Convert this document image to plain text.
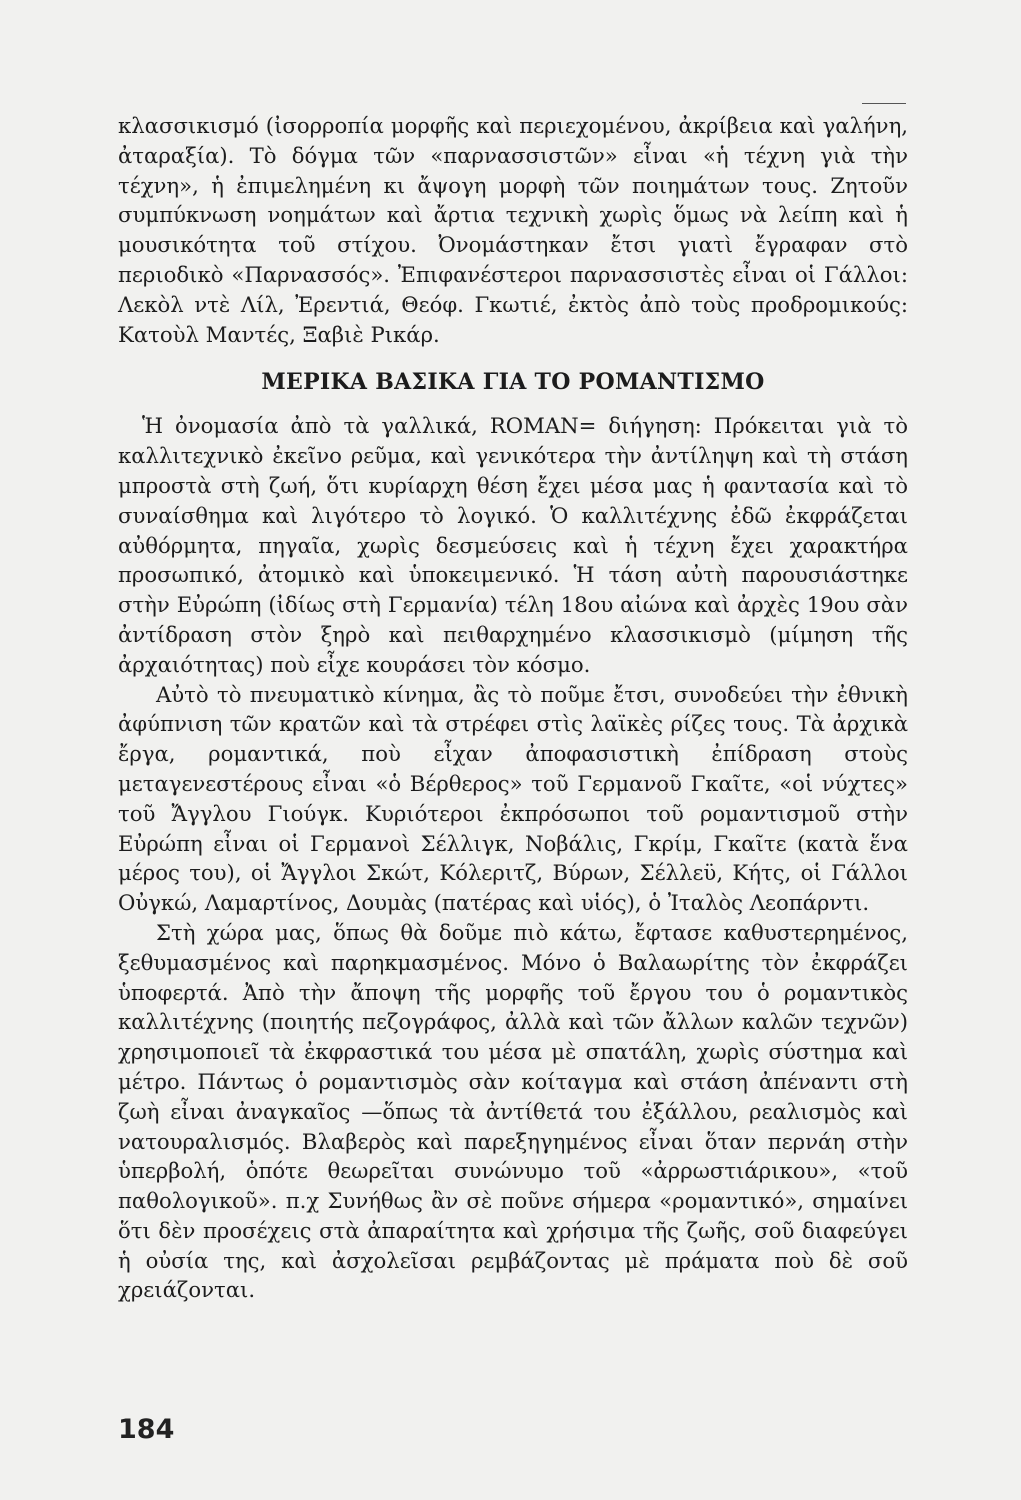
κλασσικισμό (ἰσορροπία μορφῆς καὶ περιεχομένου, ἀκρίβεια καὶ γαλήνη, ἀταραξία). Τὸ δόγμα τῶν «παρνασσιστῶν» εἶναι «ἡ τέχνη γιὰ τὴν τέχνη», ἡ ἐπιμελημένη κι ἄψογη μορφὴ τῶν ποιημάτων τους. Ζητοῦν συμπύκνωση νοημάτων καὶ ἄρτια τεχνικὴ χωρὶς ὅμως νὰ λείπη καὶ ἡ μουσικότητα τοῦ στίχου. Ὀνομάστηκαν ἔτσι γιατὶ ἔγραφαν στὸ περιοδικὸ «Παρνασσός». Ἐπιφανέστεροι παρνασσιστὲς εἶναι οἱ Γάλλοι: Λεκὸλ ντὲ Λίλ, Ἐρεντιά, Θεόφ. Γκωτιέ, ἐκτὸς ἀπὸ τοὺς προδρομικούς: Κατοὺλ Μαντές, Ξαβιὲ Ρικάρ.

ΜΕΡΙΚΑ ΒΑΣΙΚΑ ΓΙΑ ΤΟ ΡΟΜΑΝΤΙΣΜΟ

Ἡ ὀνομασία ἀπὸ τὰ γαλλικά, ROMAN= διήγηση: Πρόκειται γιὰ τὸ καλλιτεχνικὸ ἐκεῖνο ρεῦμα, καὶ γενικότερα τὴν ἀντίληψη καὶ τὴ στάση μπροστὰ στὴ ζωή, ὅτι κυρίαρχη θέση ἔχει μέσα μας ἡ φαντασία καὶ τὸ συναίσθημα καὶ λιγότερο τὸ λογικό. Ὁ καλλιτέχνης ἐδῶ ἐκφράζεται αὐθόρμητα, πηγαῖα, χωρὶς δεσμεύσεις καὶ ἡ τέχνη ἔχει χαρακτήρα προσωπικό, ἀτομικὸ καὶ ὑποκειμενικό. Ἡ τάση αὐτὴ παρουσιάστηκε στὴν Εὐρώπη (ἰδίως στὴ Γερμανία) τέλη 18ου αἰώνα καὶ ἀρχὲς 19ου σὰν ἀντίδραση στὸν ξηρὸ καὶ πειθαρχημένο κλασσικισμὸ (μίμηση τῆς ἀρχαιότητας) ποὺ εἶχε κουράσει τὸν κόσμο.

Αὐτὸ τὸ πνευματικὸ κίνημα, ἂς τὸ ποῦμε ἔτσι, συνοδεύει τὴν ἐθνικὴ ἀφύπνιση τῶν κρατῶν καὶ τὰ στρέφει στὶς λαϊκὲς ρίζες τους. Τὰ ἀρχικὰ ἔργα, ρομαντικά, ποὺ εἶχαν ἀποφασιστικὴ ἐπίδραση στοὺς μεταγενεστέρους εἶναι «ὁ Βέρθερος» τοῦ Γερμανοῦ Γκαῖτε, «οἱ νύχτες» τοῦ Ἄγγλου Γιούγκ. Κυριότεροι ἐκπρόσωποι τοῦ ρομαντισμοῦ στὴν Εὐρώπη εἶναι οἱ Γερμανοὶ Σέλλιγκ, Νοβάλις, Γκρίμ, Γκαῖτε (κατὰ ἕνα μέρος του), οἱ Ἄγγλοι Σκώτ, Κόλεριτζ, Βύρων, Σέλλεϋ, Κήτς, οἱ Γάλλοι Οὐγκώ, Λαμαρτίνος, Δουμὰς (πατέρας καὶ υἱός), ὁ Ἰταλὸς Λεοπάρντι.

Στὴ χώρα μας, ὅπως θὰ δοῦμε πιὸ κάτω, ἔφτασε καθυστερημένος, ξεθυμασμένος καὶ παρηκμασμένος. Μόνο ὁ Βαλαωρίτης τὸν ἐκφράζει ὑποφερτά. Ἀπὸ τὴν ἄποψη τῆς μορφῆς τοῦ ἔργου του ὁ ρομαντικὸς καλλιτέχνης (ποιητής πεζογράφος, ἀλλὰ καὶ τῶν ἄλλων καλῶν τεχνῶν) χρησιμοποιεῖ τὰ ἐκφραστικά του μέσα μὲ σπατάλη, χωρὶς σύστημα καὶ μέτρο. Πάντως ὁ ρομαντισμὸς σὰν κοίταγμα καὶ στάση ἀπέναντι στὴ ζωὴ εἶναι ἀναγκαῖος —ὅπως τὰ ἀντίθετά του ἐξάλλου, ρεαλισμὸς καὶ νατουραλισμός. Βλαβερὸς καὶ παρεξηγημένος εἶναι ὅταν περνάη στὴν ὑπερβολή, ὁπότε θεωρεῖται συνώνυμο τοῦ «ἀρρωστιάρικου», «τοῦ παθολογικοῦ». π.χ Συνήθως ἂν σὲ ποῦνε σήμερα «ρομαντικό», σημαίνει ὅτι δὲν προσέχεις στὰ ἀπαραίτητα καὶ χρήσιμα τῆς ζωῆς, σοῦ διαφεύγει ἡ οὐσία της, καὶ ἀσχολεῖσαι ρεμβάζοντας μὲ πράματα ποὺ δὲ σοῦ χρειάζονται.

184
